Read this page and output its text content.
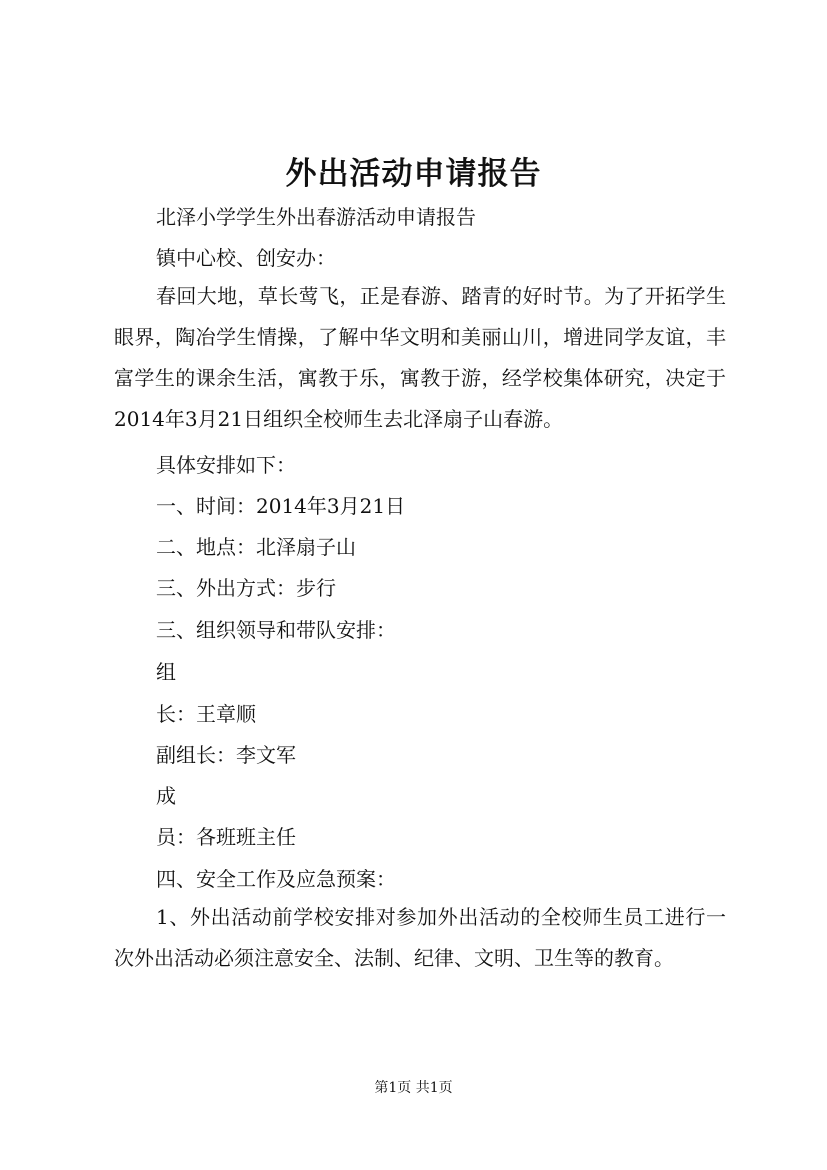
外出活动申请报告

北泽小学学生外出春游活动申请报告

镇中心校、创安办：

春回大地，草长莺飞，正是春游、踏青的好时节。为了开拓学生眼界，陶冶学生情操，了解中华文明和美丽山川，增进同学友谊，丰富学生的课余生活，寓教于乐，寓教于游，经学校集体研究，决定于2014年3月21日组织全校师生去北泽扇子山春游。

具体安排如下：

一、时间：2014年3月21日

二、地点：北泽扇子山

三、外出方式：步行

三、组织领导和带队安排：

组

长：王章顺

副组长：李文军

成

员：各班班主任

四、安全工作及应急预案：

1、外出活动前学校安排对参加外出活动的全校师生员工进行一次外出活动必须注意安全、法制、纪律、文明、卫生等的教育。

第1页 共1页
